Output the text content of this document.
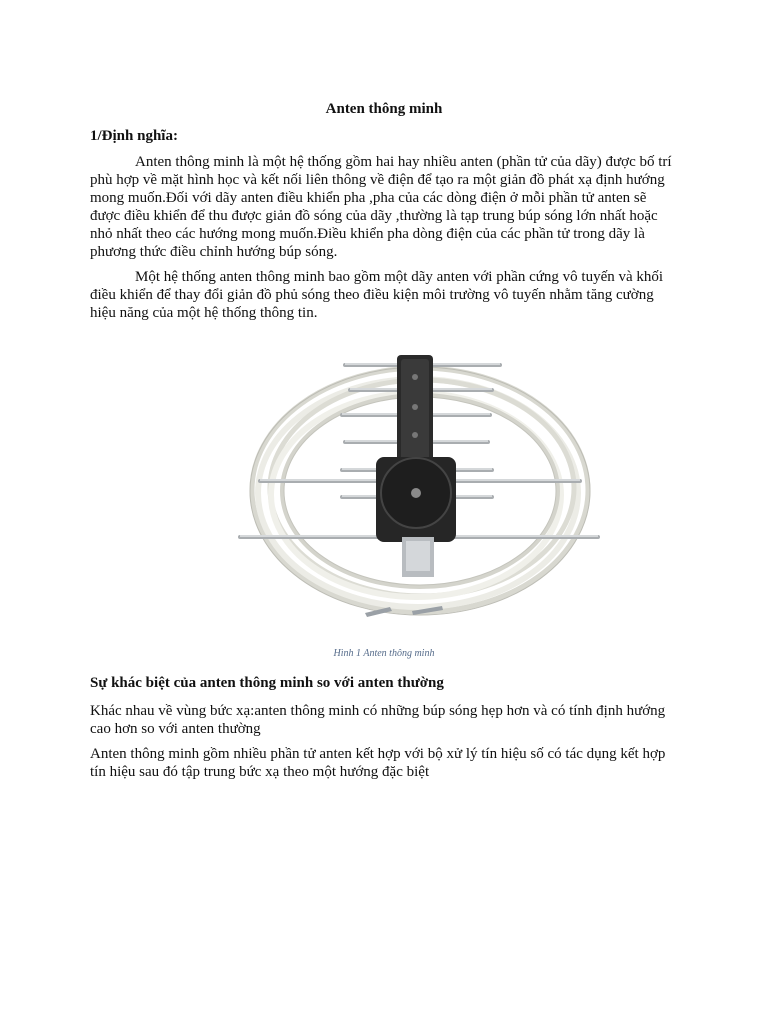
Anten thông minh
1/Định nghĩa:

Anten thông minh là một hệ thống gồm hai hay nhiều anten (phần tử của dãy) được bố trí phù hợp về mặt hình học và kết nối liên thông về điện để tạo ra một giản đồ phát xạ định hướng mong muốn.Đối với dãy anten điều khiển pha ,pha của các dòng điện ở mỗi phần tử anten sẽ được điều khiển để thu được giản đồ sóng của dãy ,thường là tạp trung búp sóng lớn nhất hoặc nhỏ nhất theo các hướng mong muốn.Điều khiển pha dòng điện của các phần tử trong dãy là phương thức điều chỉnh hướng búp sóng.

Một hệ thống anten thông minh bao gồm một dãy anten với phần cứng vô tuyến và khối điều khiển để thay đổi giản đồ phủ sóng theo điều kiện môi trường vô tuyến nhằm tăng cường hiệu năng của một hệ thống thông tin.

Hình 1 Anten thông minh
Sự khác biệt của anten thông minh so với anten thường

Khác nhau về vùng bức xạ:anten thông minh có những búp sóng hẹp hơn và có tính định hướng cao hơn so với anten thường

Anten thông minh gồm nhiều phần tử anten kết hợp với bộ xử lý tín hiệu số có tác dụng kết hợp tín hiệu sau đó tập trung bức xạ theo một hướng đặc biệt
